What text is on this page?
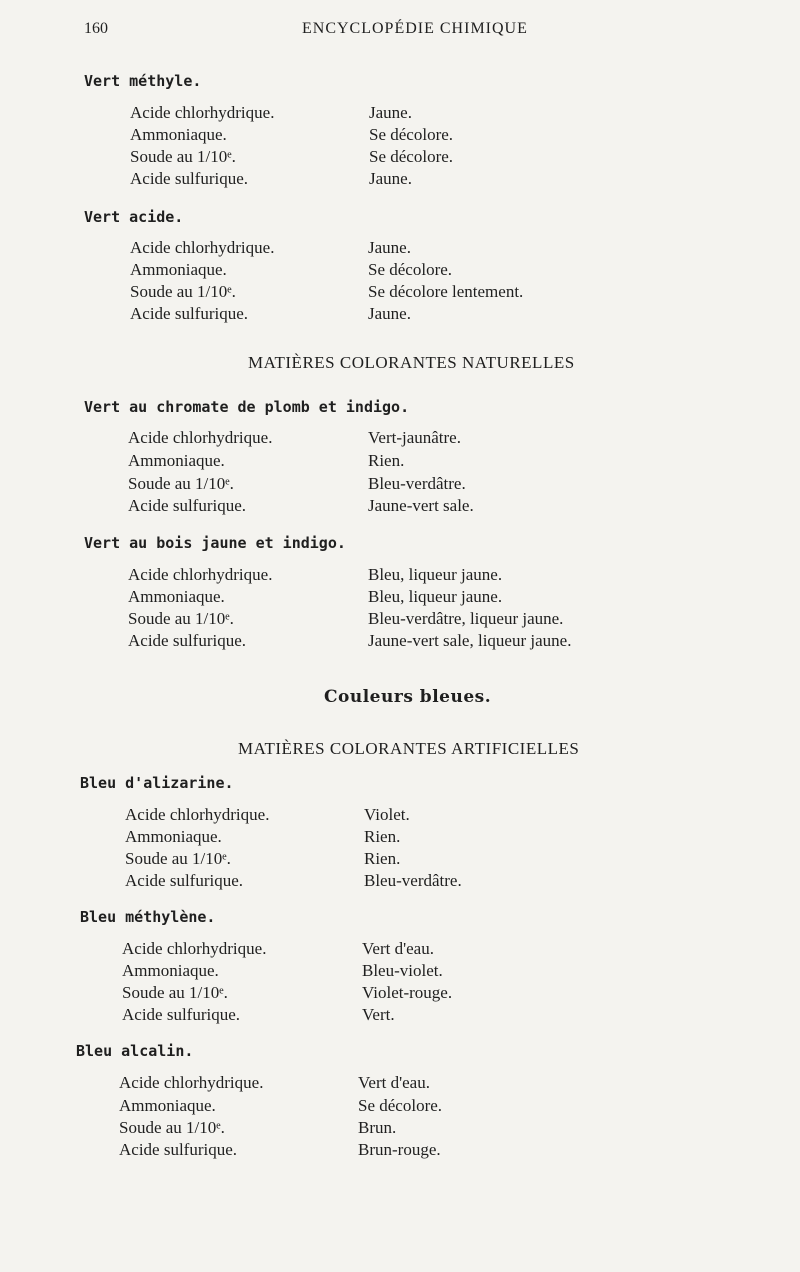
160	ENCYCLOPÉDIE CHIMIQUE
Vert méthyle.
Acide chlorhydrique.	Jaune.
Ammoniaque.	Se décolore.
Soude au 1/10ᵉ.	Se décolore.
Acide sulfurique.	Jaune.
Vert acide.
Acide chlorhydrique.	Jaune.
Ammoniaque.	Se décolore.
Soude au 1/10ᵉ.	Se décolore lentement.
Acide sulfurique.	Jaune.
MATIÈRES COLORANTES NATURELLES
Vert au chromate de plomb et indigo.
Acide chlorhydrique.	Vert-jaunâtre.
Ammoniaque.	Rien.
Soude au 1/10ᵉ.	Bleu-verdâtre.
Acide sulfurique.	Jaune-vert sale.
Vert au bois jaune et indigo.
Acide chlorhydrique.	Bleu, liqueur jaune.
Ammoniaque.	Bleu, liqueur jaune.
Soude au 1/10ᵉ.	Bleu-verdâtre, liqueur jaune.
Acide sulfurique.	Jaune-vert sale, liqueur jaune.
Couleurs bleues.
MATIÈRES COLORANTES ARTIFICIELLES
Bleu d'alizarine.
Acide chlorhydrique.	Violet.
Ammoniaque.	Rien.
Soude au 1/10ᵉ.	Rien.
Acide sulfurique.	Bleu-verdâtre.
Bleu méthylène.
Acide chlorhydrique.	Vert d'eau.
Ammoniaque.	Bleu-violet.
Soude au 1/10ᵉ.	Violet-rouge.
Acide sulfurique.	Vert.
Bleu alcalin.
Acide chlorhydrique.	Vert d'eau.
Ammoniaque.	Se décolore.
Soude au 1/10ᵉ.	Brun.
Acide sulfurique.	Brun-rouge.
